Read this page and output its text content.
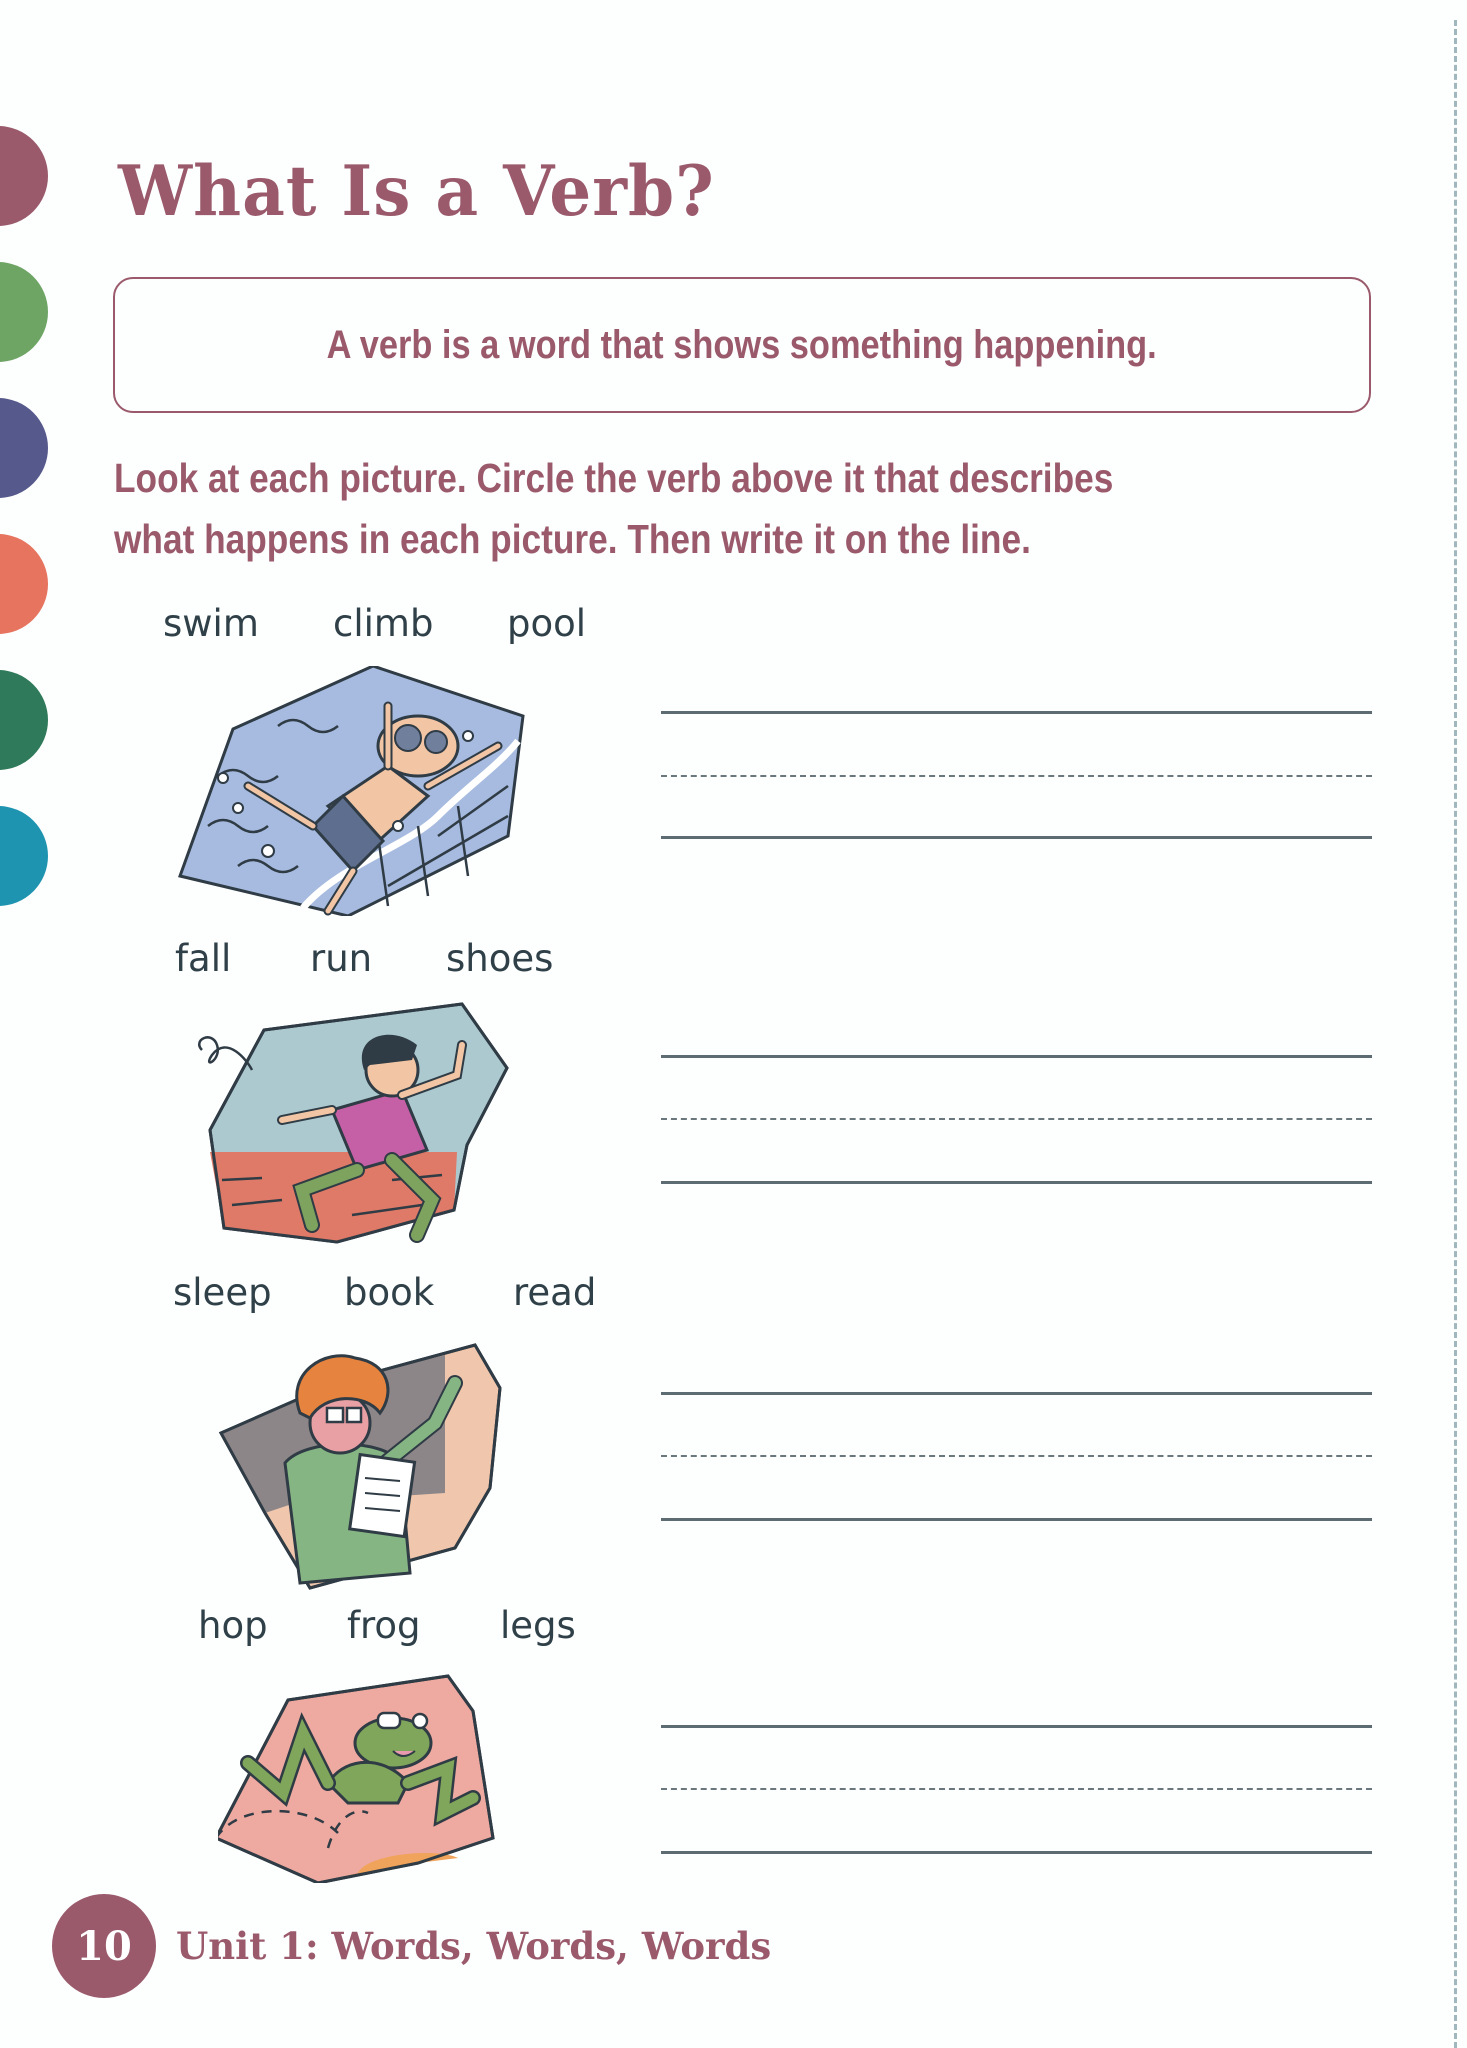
What Is a Verb?
A verb is a word that shows something happening.
Look at each picture. Circle the verb above it that describes
what happens in each picture. Then write it on the line.
swim climb pool
fall run shoes
sleep book read
hop frog legs
10 Unit 1: Words, Words, Words
